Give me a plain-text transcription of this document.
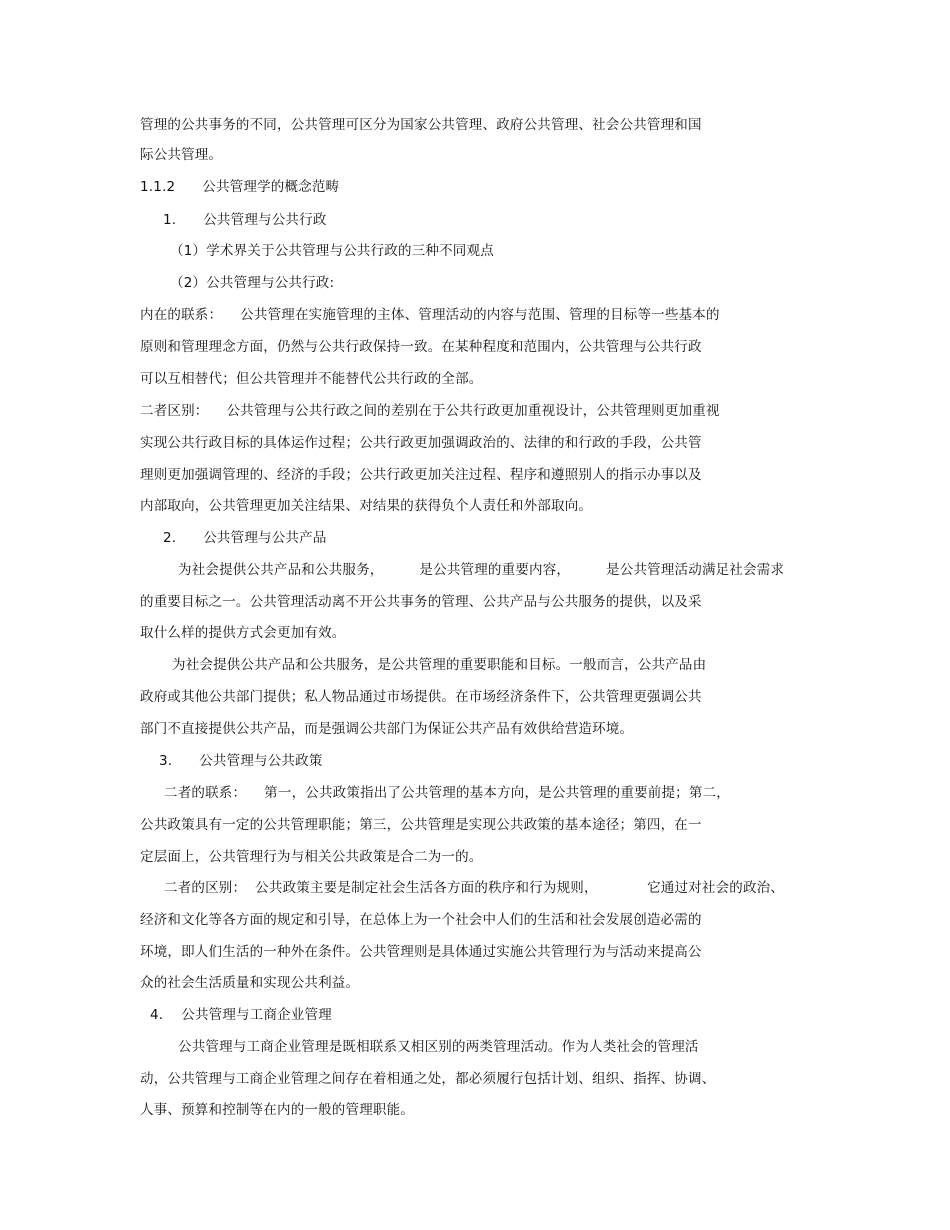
管理的公共事务的不同，公共管理可区分为国家公共管理、政府公共管理、社会公共管理和国
际公共管理。
1.1.2      公共管理学的概念范畴
1.      公共管理与公共行政
（1）学术界关于公共管理与公共行政的三种不同观点
（2）公共管理与公共行政:
内在的联系：    公共管理在实施管理的主体、管理活动的内容与范围、管理的目标等一些基本的
原则和管理理念方面，仍然与公共行政保持一致。在某种程度和范围内，公共管理与公共行政
可以互相替代；但公共管理并不能替代公共行政的全部。
二者区别：    公共管理与公共行政之间的差别在于公共行政更加重视设计，公共管理则更加重视
实现公共行政目标的具体运作过程；公共行政更加强调政治的、法律的和行政的手段，公共管
理则更加强调管理的、经济的手段；公共行政更加关注过程、程序和遵照别人的指示办事以及
内部取向，公共管理更加关注结果、对结果的获得负个人责任和外部取向。
2.      公共管理与公共产品
为社会提供公共产品和公共服务，        是公共管理的重要内容，        是公共管理活动满足社会需求
的重要目标之一。公共管理活动离不开公共事务的管理、公共产品与公共服务的提供，以及采
取什么样的提供方式会更加有效。
为社会提供公共产品和公共服务，是公共管理的重要职能和目标。一般而言，公共产品由
政府或其他公共部门提供；私人物品通过市场提供。在市场经济条件下，公共管理更强调公共
部门不直接提供公共产品，而是强调公共部门为保证公共产品有效供给营造环境。
3.      公共管理与公共政策
二者的联系：    第一，公共政策指出了公共管理的基本方向，是公共管理的重要前提；第二，
公共政策具有一定的公共管理职能；第三，公共管理是实现公共政策的基本途径；第四，在一
定层面上，公共管理行为与相关公共政策是合二为一的。
二者的区别：  公共政策主要是制定社会生活各方面的秩序和行为规则，           它通过对社会的政治、
经济和文化等各方面的规定和引导，在总体上为一个社会中人们的生活和社会发展创造必需的
环境，即人们生活的一种外在条件。公共管理则是具体通过实施公共管理行为与活动来提高公
众的社会生活质量和实现公共利益。
4.    公共管理与工商企业管理
公共管理与工商企业管理是既相联系又相区别的两类管理活动。作为人类社会的管理活
动，公共管理与工商企业管理之间存在着相通之处，都必须履行包括计划、组织、指挥、协调、
人事、预算和控制等在内的一般的管理职能。
